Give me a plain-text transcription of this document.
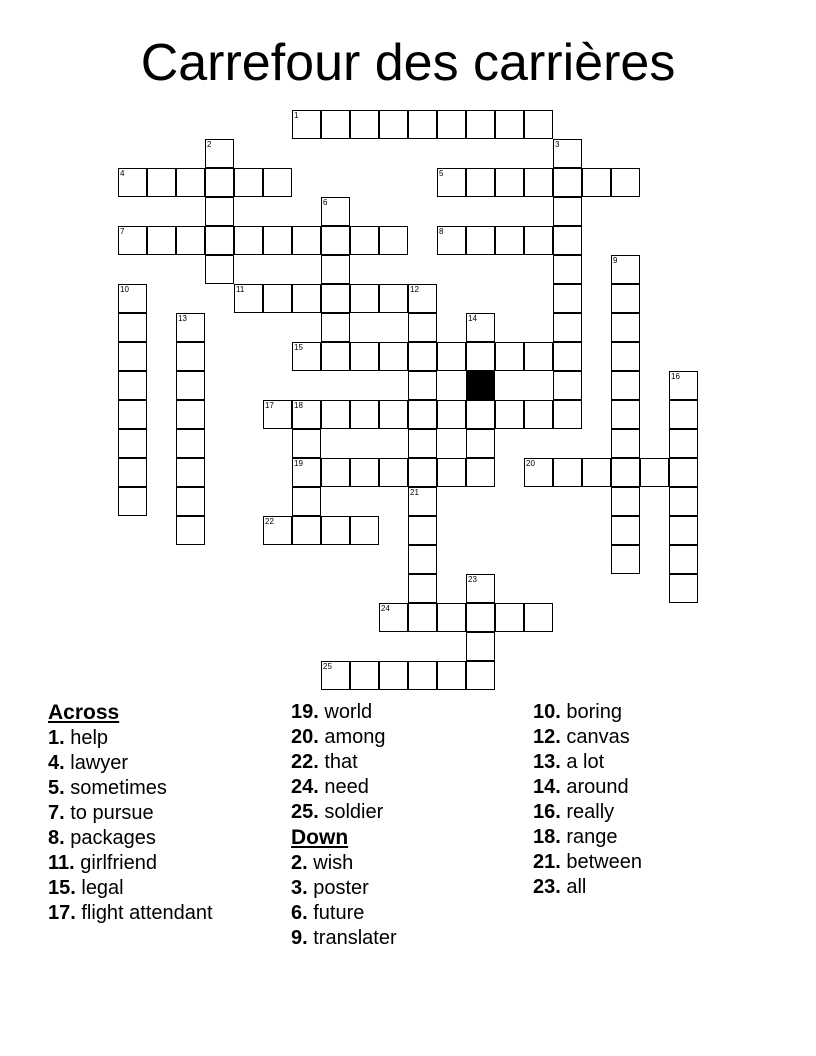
Carrefour des carrières
1
2	3
4	5
6
7	8
9
10	11	12
13	14
15
16
17	18
19	20
21
22
23
24
25
Across
1. help
4. lawyer
5. sometimes
7. to pursue
8. packages
11. girlfriend
15. legal
17. flight attendant
19. world
20. among
22. that
24. need
25. soldier
Down
2. wish
3. poster
6. future
9. translater
10. boring
12. canvas
13. a lot
14. around
16. really
18. range
21. between
23. all
